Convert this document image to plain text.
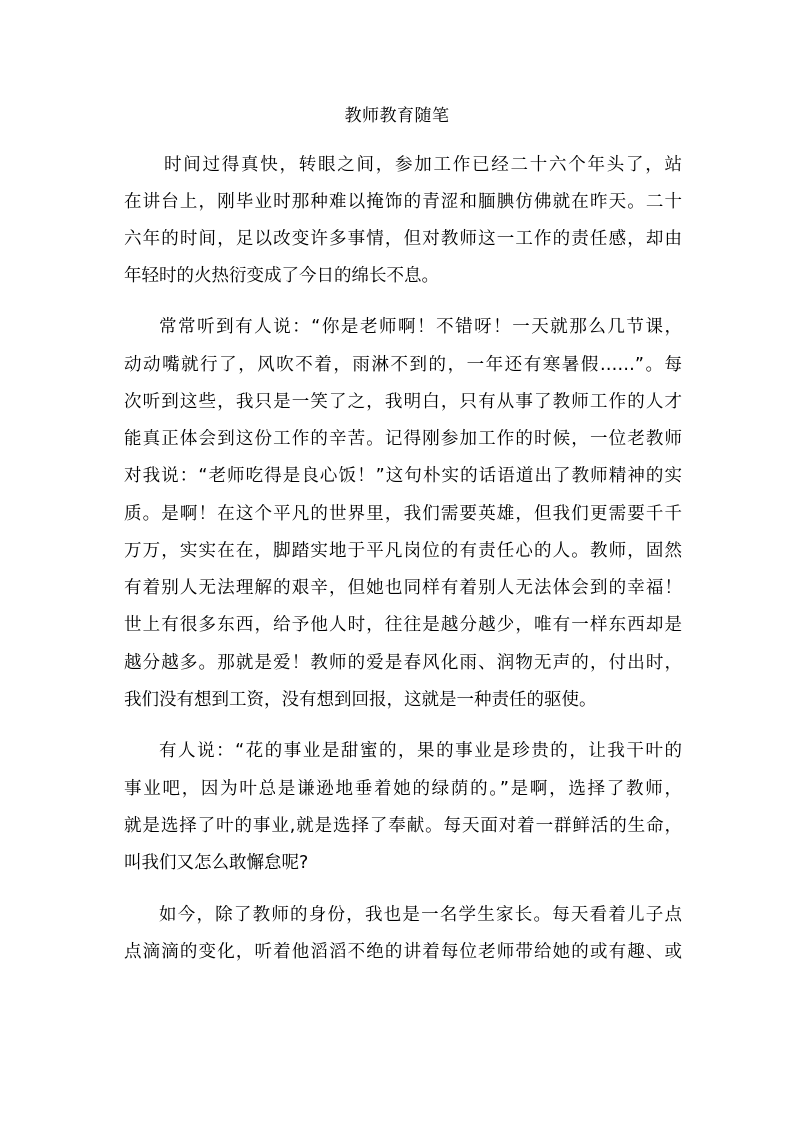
教师教育随笔
时间过得真快，转眼之间，参加工作已经二十六个年头了，站
在讲台上，刚毕业时那种难以掩饰的青涩和腼腆仿佛就在昨天。二十
六年的时间，足以改变许多事情，但对教师这一工作的责任感，却由
年轻时的火热衍变成了今日的绵长不息。
常常听到有人说：“你是老师啊！不错呀！一天就那么几节课，
动动嘴就行了，风吹不着，雨淋不到的，一年还有寒暑假……”。每
次听到这些，我只是一笑了之，我明白，只有从事了教师工作的人才
能真正体会到这份工作的辛苦。记得刚参加工作的时候，一位老教师
对我说：“老师吃得是良心饭！”这句朴实的话语道出了教师精神的实
质。是啊！在这个平凡的世界里，我们需要英雄，但我们更需要千千
万万，实实在在，脚踏实地于平凡岗位的有责任心的人。教师，固然
有着别人无法理解的艰辛，但她也同样有着别人无法体会到的幸福！
世上有很多东西，给予他人时，往往是越分越少，唯有一样东西却是
越分越多。那就是爱！教师的爱是春风化雨、润物无声的，付出时，
我们没有想到工资，没有想到回报，这就是一种责任的驱使。
有人说：“花的事业是甜蜜的，果的事业是珍贵的，让我干叶的
事业吧，因为叶总是谦逊地垂着她的绿荫的。”是啊，选择了教师，
就是选择了叶的事业,就是选择了奉献。每天面对着一群鲜活的生命，
叫我们又怎么敢懈怠呢?
如今，除了教师的身份，我也是一名学生家长。每天看着儿子点
点滴滴的变化，听着他滔滔不绝的讲着每位老师带给她的或有趣、或
